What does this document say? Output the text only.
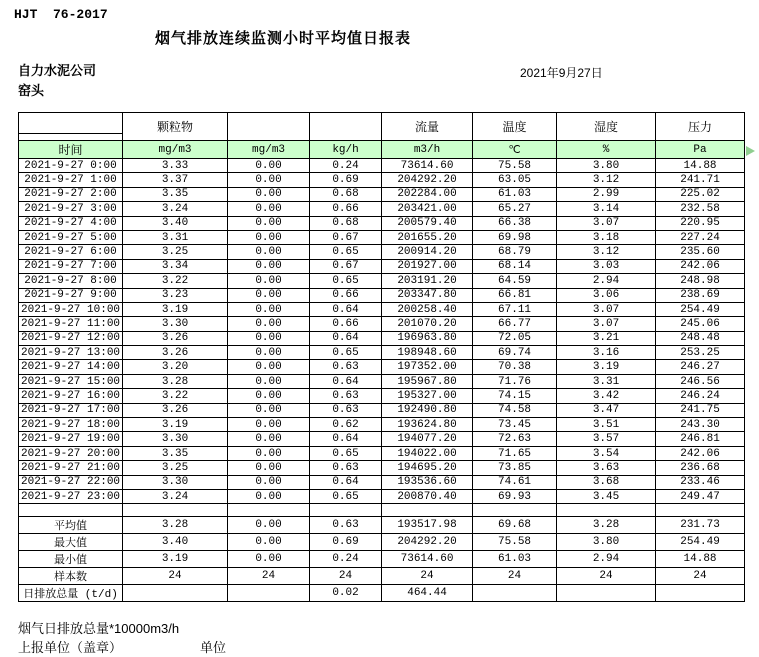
HJT  76-2017
烟气排放连续监测小时平均值日报表
自力水泥公司	2021年9月27日
窑头
	颗粒物			流量	温度	湿度	压力

时间	mg/m3	mg/m3	kg/h	m3/h	℃	%	Pa
2021-9-27 0:00	3.33	0.00	0.24	73614.60	75.58	3.80	14.88
2021-9-27 1:00	3.37	0.00	0.69	204292.20	63.05	3.12	241.71
2021-9-27 2:00	3.35	0.00	0.68	202284.00	61.03	2.99	225.02
2021-9-27 3:00	3.24	0.00	0.66	203421.00	65.27	3.14	232.58
2021-9-27 4:00	3.40	0.00	0.68	200579.40	66.38	3.07	220.95
2021-9-27 5:00	3.31	0.00	0.67	201655.20	69.98	3.18	227.24
2021-9-27 6:00	3.25	0.00	0.65	200914.20	68.79	3.12	235.60
2021-9-27 7:00	3.34	0.00	0.67	201927.00	68.14	3.03	242.06
2021-9-27 8:00	3.22	0.00	0.65	203191.20	64.59	2.94	248.98
2021-9-27 9:00	3.23	0.00	0.66	203347.80	66.81	3.06	238.69
2021-9-27 10:00	3.19	0.00	0.64	200258.40	67.11	3.07	254.49
2021-9-27 11:00	3.30	0.00	0.66	201070.20	66.77	3.07	245.06
2021-9-27 12:00	3.26	0.00	0.64	196963.80	72.05	3.21	248.48
2021-9-27 13:00	3.26	0.00	0.65	198948.60	69.74	3.16	253.25
2021-9-27 14:00	3.20	0.00	0.63	197352.00	70.38	3.19	246.27
2021-9-27 15:00	3.28	0.00	0.64	195967.80	71.76	3.31	246.56
2021-9-27 16:00	3.22	0.00	0.63	195327.00	74.15	3.42	246.24
2021-9-27 17:00	3.26	0.00	0.63	192490.80	74.58	3.47	241.75
2021-9-27 18:00	3.19	0.00	0.62	193624.80	73.45	3.51	243.30
2021-9-27 19:00	3.30	0.00	0.64	194077.20	72.63	3.57	246.81
2021-9-27 20:00	3.35	0.00	0.65	194022.00	71.65	3.54	242.06
2021-9-27 21:00	3.25	0.00	0.63	194695.20	73.85	3.63	236.68
2021-9-27 22:00	3.30	0.00	0.64	193536.60	74.61	3.68	233.46
2021-9-27 23:00	3.24	0.00	0.65	200870.40	69.93	3.45	249.47

平均值	3.28	0.00	0.63	193517.98	69.68	3.28	231.73
最大值	3.40	0.00	0.69	204292.20	75.58	3.80	254.49
最小值	3.19	0.00	0.24	73614.60	61.03	2.94	14.88
样本数	24	24	24	24	24	24	24
日排放总量 (t/d)			0.02	464.44			
烟气日排放总量*10000m3/h
上报单位（盖章）	单位
